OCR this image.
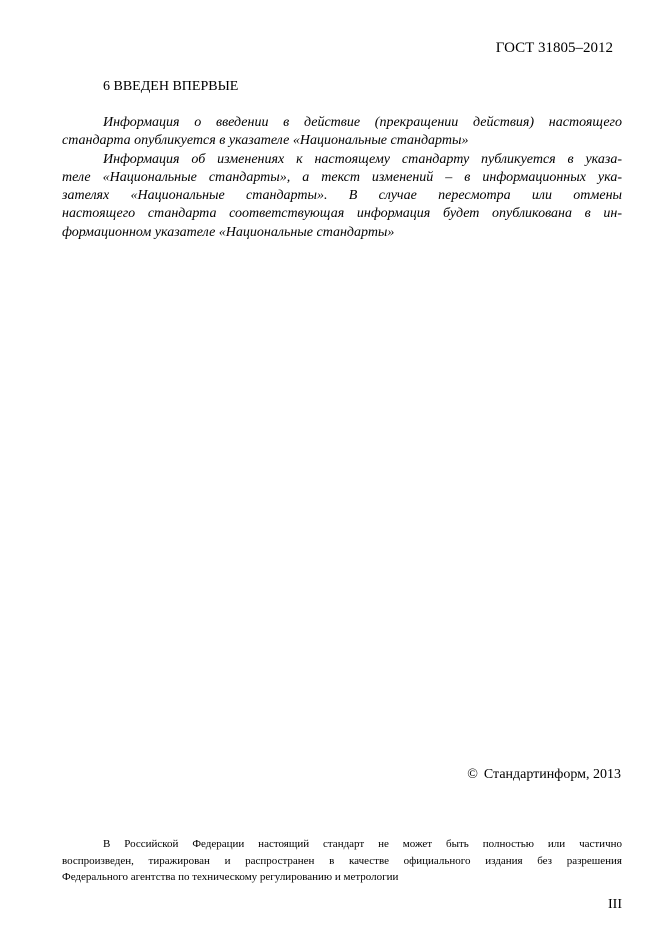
ГОСТ 31805–2012
6 ВВЕДЕН ВПЕРВЫЕ
Информация о введении в действие (прекращении действия) настоящего
стандарта опубликуется в указателе «Национальные стандарты»
Информация об изменениях к настоящему стандарту публикуется в указа-
теле «Национальные стандарты», а текст изменений – в информационных ука-
зателях «Национальные стандарты». В случае пересмотра или отмены
настоящего стандарта соответствующая информация будет опубликована в ин-
формационном указателе «Национальные стандарты»
© Стандартинформ, 2013
В Российской Федерации настоящий стандарт не может быть полностью или частично
воспроизведен, тиражирован и распространен в качестве официального издания без разрешения
Федерального агентства по техническому регулированию и метрологии
III
